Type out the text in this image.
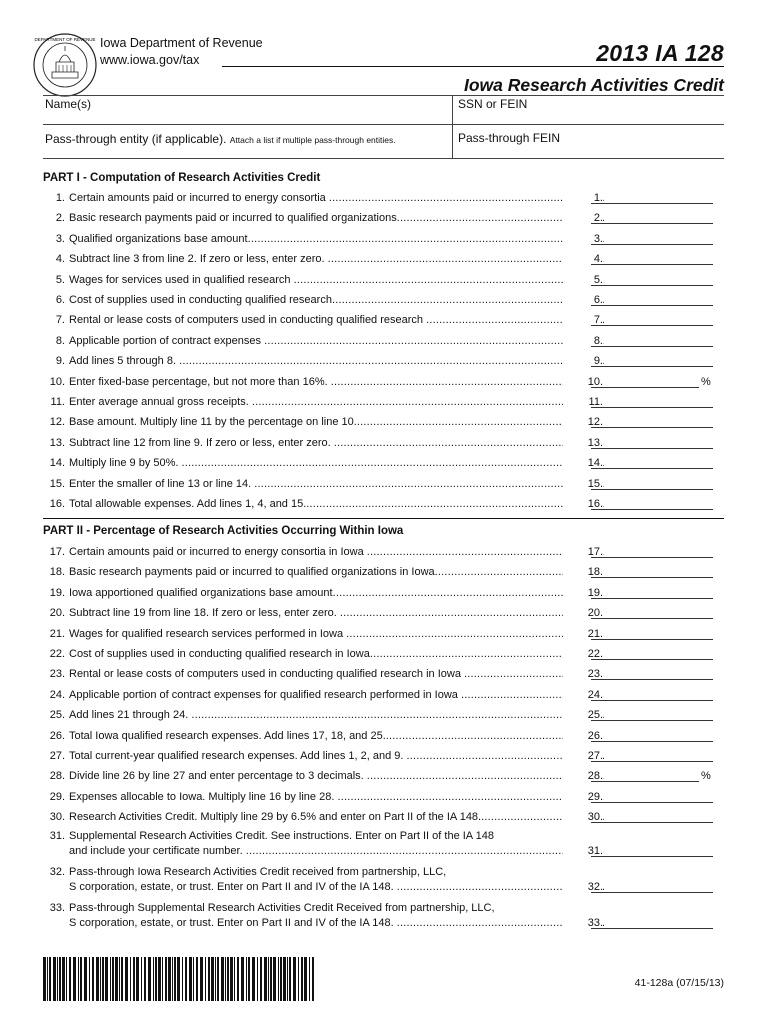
DEPARTMENT OF REVENUE Iowa Department of Revenue
www.iowa.gov/tax	2013 IA 128
Iowa Research Activities Credit
Name(s)	SSN or FEIN
Pass-through entity (if applicable). Attach a list if multiple pass-through entities.	Pass-through FEIN
PART I - Computation of Research Activities Credit
1. Certain amounts paid or incurred to energy consortia .....	1.
2. Basic research payments paid or incurred to qualified organizations .....	2.
3. Qualified organizations base amount .....	3.
4. Subtract line 3 from line 2. If zero or less, enter zero. .....	4.
5. Wages for services used in qualified research .....	5.
6. Cost of supplies used in conducting qualified research .....	6.
7. Rental or lease costs of computers used in conducting qualified research .....	7.
8. Applicable portion of contract expenses .....	8.
9. Add lines 5 through 8. .....	9.
10. Enter fixed-base percentage, but not more than 16%. .....	10.	%
11. Enter average annual gross receipts. .....	11.
12. Base amount. Multiply line 11 by the percentage on line 10. .....	12.
13. Subtract line 12 from line 9. If zero or less, enter zero. .....	13.
14. Multiply line 9 by 50%. .....	14.
15. Enter the smaller of line 13 or line 14. .....	15.
16. Total allowable expenses. Add lines 1, 4, and 15. .....	16.
PART II - Percentage of Research Activities Occurring Within Iowa
17. Certain amounts paid or incurred to energy consortia in Iowa .....	17.
18. Basic research payments paid or incurred to qualified organizations in Iowa .....	18.
19. Iowa apportioned qualified organizations base amount .....	19.
20. Subtract line 19 from line 18. If zero or less, enter zero. .....	20.
21. Wages for qualified research services performed in Iowa .....	21.
22. Cost of supplies used in conducting qualified research in Iowa .....	22.
23. Rental or lease costs of computers used in conducting qualified research in Iowa .....	23.
24. Applicable portion of contract expenses for qualified research performed in Iowa .....	24.
25. Add lines 21 through 24. .....	25.
26. Total Iowa qualified research expenses. Add lines 17, 18, and 25. .....	26.
27. Total current-year qualified research expenses. Add lines 1, 2, and 9. .....	27.
28. Divide line 26 by line 27 and enter percentage to 3 decimals. .....	28.	%
29. Expenses allocable to Iowa. Multiply line 16 by line 28. .....	29.
30. Research Activities Credit. Multiply line 29 by 6.5% and enter on Part II of the IA 148. .....	30.
31. Supplemental Research Activities Credit. See instructions. Enter on Part II of the IA 148
and include your certificate number. .....	31.
32. Pass-through Iowa Research Activities Credit received from partnership, LLC,
S corporation, estate, or trust. Enter on Part II and IV of the IA 148. .....	32.
33. Pass-through Supplemental Research Activities Credit Received from partnership, LLC,
S corporation, estate, or trust. Enter on Part II and IV of the IA 148. .....	33.
41-128a (07/15/13)
